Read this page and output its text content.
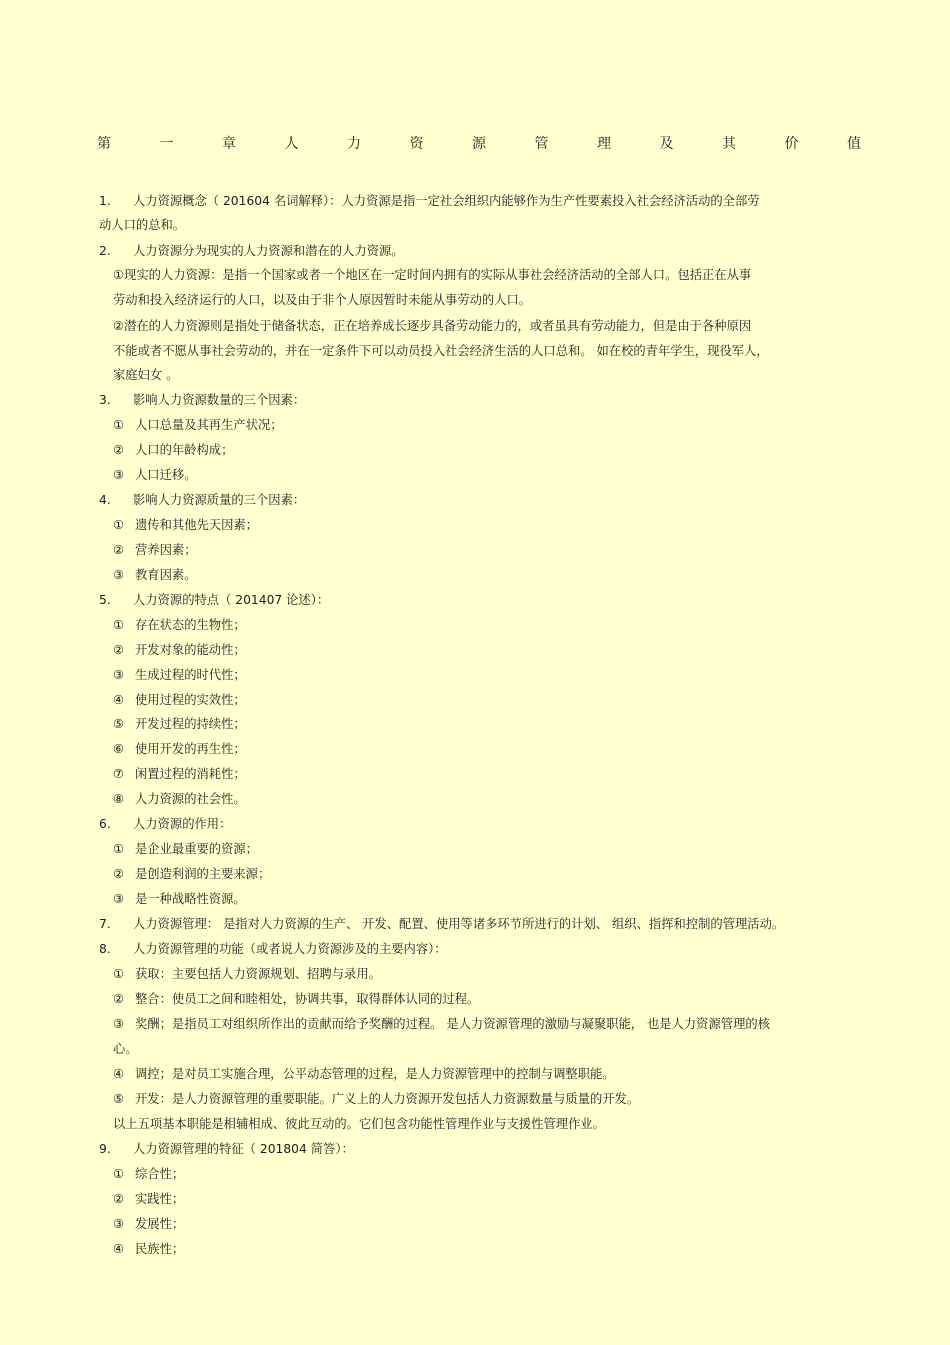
第	一	章	人	力	资	源	管	理	及	其	价	值
1. 人力资源概念（ 201604 名词解释）：人力资源是指一定社会组织内能够作为生产性要素投入社会经济活动的全部劳
动人口的总和。
2. 人力资源分为现实的人力资源和潜在的人力资源。
①现实的人力资源：是指一个国家或者一个地区在一定时间内拥有的实际从事社会经济活动的全部人口。包括正在从事
劳动和投入经济运行的人口，以及由于非个人原因暂时未能从事劳动的人口。
②潜在的人力资源则是指处于储备状态，正在培养成长逐步具备劳动能力的，或者虽具有劳动能力，但是由于各种原因
不能或者不愿从事社会劳动的，并在一定条件下可以动员投入社会经济生活的人口总和。 如在校的青年学生，现役军人，
家庭妇女 。
3. 影响人力资源数量的三个因素：
① 人口总量及其再生产状况；
② 人口的年龄构成；
③ 人口迁移。
4. 影响人力资源质量的三个因素：
① 遗传和其他先天因素；
② 营养因素；
③ 教育因素。
5. 人力资源的特点（ 201407 论述）：
① 存在状态的生物性；
② 开发对象的能动性；
③ 生成过程的时代性；
④ 使用过程的实效性；
⑤ 开发过程的持续性；
⑥ 使用开发的再生性；
⑦ 闲置过程的消耗性；
⑧ 人力资源的社会性。
6. 人力资源的作用：
① 是企业最重要的资源；
② 是创造利润的主要来源；
③ 是一种战略性资源。
7. 人力资源管理： 是指对人力资源的生产、 开发、配置、使用等诸多环节所进行的计划、 组织、指挥和控制的管理活动。
8. 人力资源管理的功能（或者说人力资源涉及的主要内容）：
① 获取：主要包括人力资源规划、招聘与录用。
② 整合：使员工之间和睦相处，协调共事，取得群体认同的过程。
③ 奖酬；是指员工对组织所作出的贡献而给予奖酬的过程。 是人力资源管理的激励与凝聚职能， 也是人力资源管理的核
心。
④ 调控；是对员工实施合理，公平动态管理的过程，是人力资源管理中的控制与调整职能。
⑤ 开发：是人力资源管理的重要职能。广义上的人力资源开发包括人力资源数量与质量的开发。
以上五项基本职能是相辅相成、彼此互动的。它们包含功能性管理作业与支援性管理作业。
9. 人力资源管理的特征（ 201804 简答）：
① 综合性；
② 实践性；
③ 发展性；
④ 民族性；
